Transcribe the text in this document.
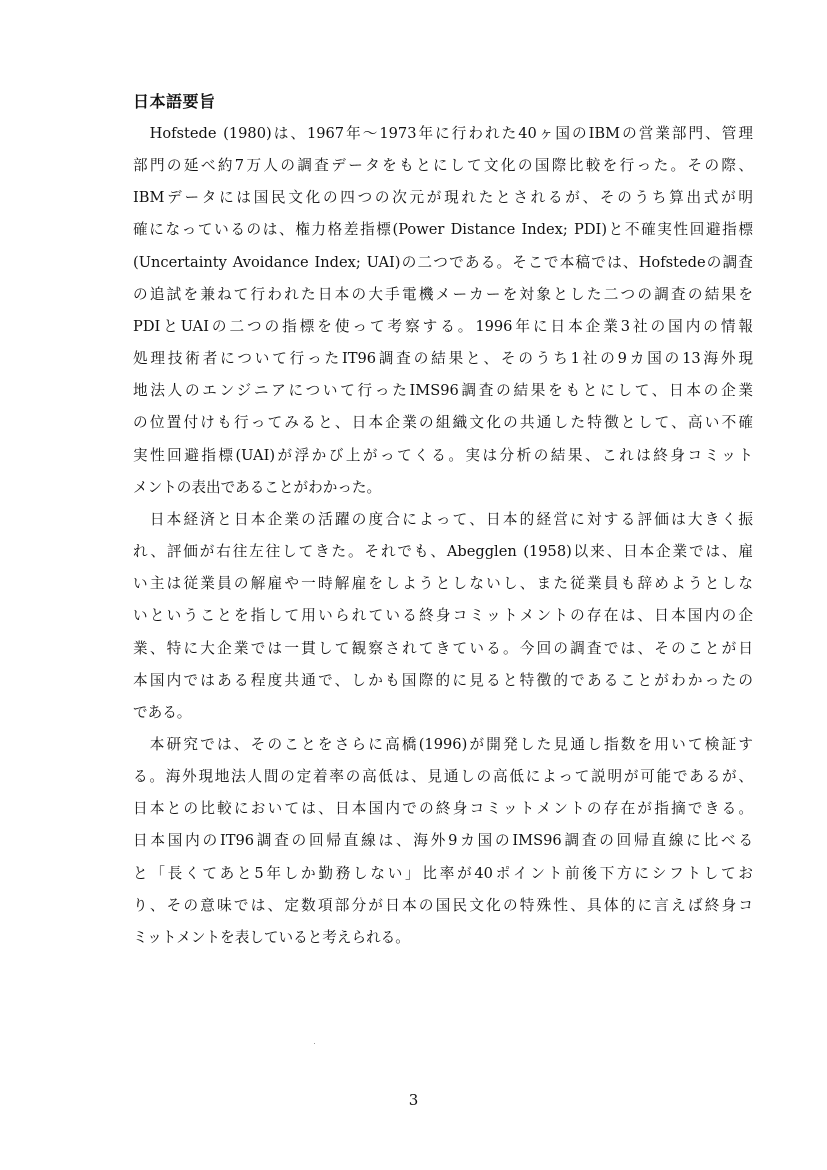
日本語要旨
　Hofstede (1980)は、1967年〜1973年に行われた40ヶ国のIBMの営業部門、管理
部門の延べ約7万人の調査データをもとにして文化の国際比較を行った。その際、
IBMデータには国民文化の四つの次元が現れたとされるが、そのうち算出式が明
確になっているのは、権力格差指標(Power Distance Index; PDI)と不確実性回避指標
(Uncertainty Avoidance Index; UAI)の二つである。そこで本稿では、Hofstedeの調査
の追試を兼ねて行われた日本の大手電機メーカーを対象とした二つの調査の結果を
PDIとUAIの二つの指標を使って考察する。1996年に日本企業3社の国内の情報
処理技術者について行ったIT96調査の結果と、そのうち1社の9カ国の13海外現
地法人のエンジニアについて行ったIMS96調査の結果をもとにして、日本の企業
の位置付けも行ってみると、日本企業の組織文化の共通した特徴として、高い不確
実性回避指標(UAI)が浮かび上がってくる。実は分析の結果、これは終身コミット
メントの表出であることがわかった。
　日本経済と日本企業の活躍の度合によって、日本的経営に対する評価は大きく振
れ、評価が右往左往してきた。それでも、Abegglen (1958)以来、日本企業では、雇
い主は従業員の解雇や一時解雇をしようとしないし、また従業員も辞めようとしな
いということを指して用いられている終身コミットメントの存在は、日本国内の企
業、特に大企業では一貫して観察されてきている。今回の調査では、そのことが日
本国内ではある程度共通で、しかも国際的に見ると特徴的であることがわかったの
である。
　本研究では、そのことをさらに高橋(1996)が開発した見通し指数を用いて検証す
る。海外現地法人間の定着率の高低は、見通しの高低によって説明が可能であるが、
日本との比較においては、日本国内での終身コミットメントの存在が指摘できる。
日本国内のIT96調査の回帰直線は、海外9カ国のIMS96調査の回帰直線に比べる
と「長くてあと5年しか勤務しない」比率が40ポイント前後下方にシフトしてお
り、その意味では、定数項部分が日本の国民文化の特殊性、具体的に言えば終身コ
ミットメントを表していると考えられる。
3
